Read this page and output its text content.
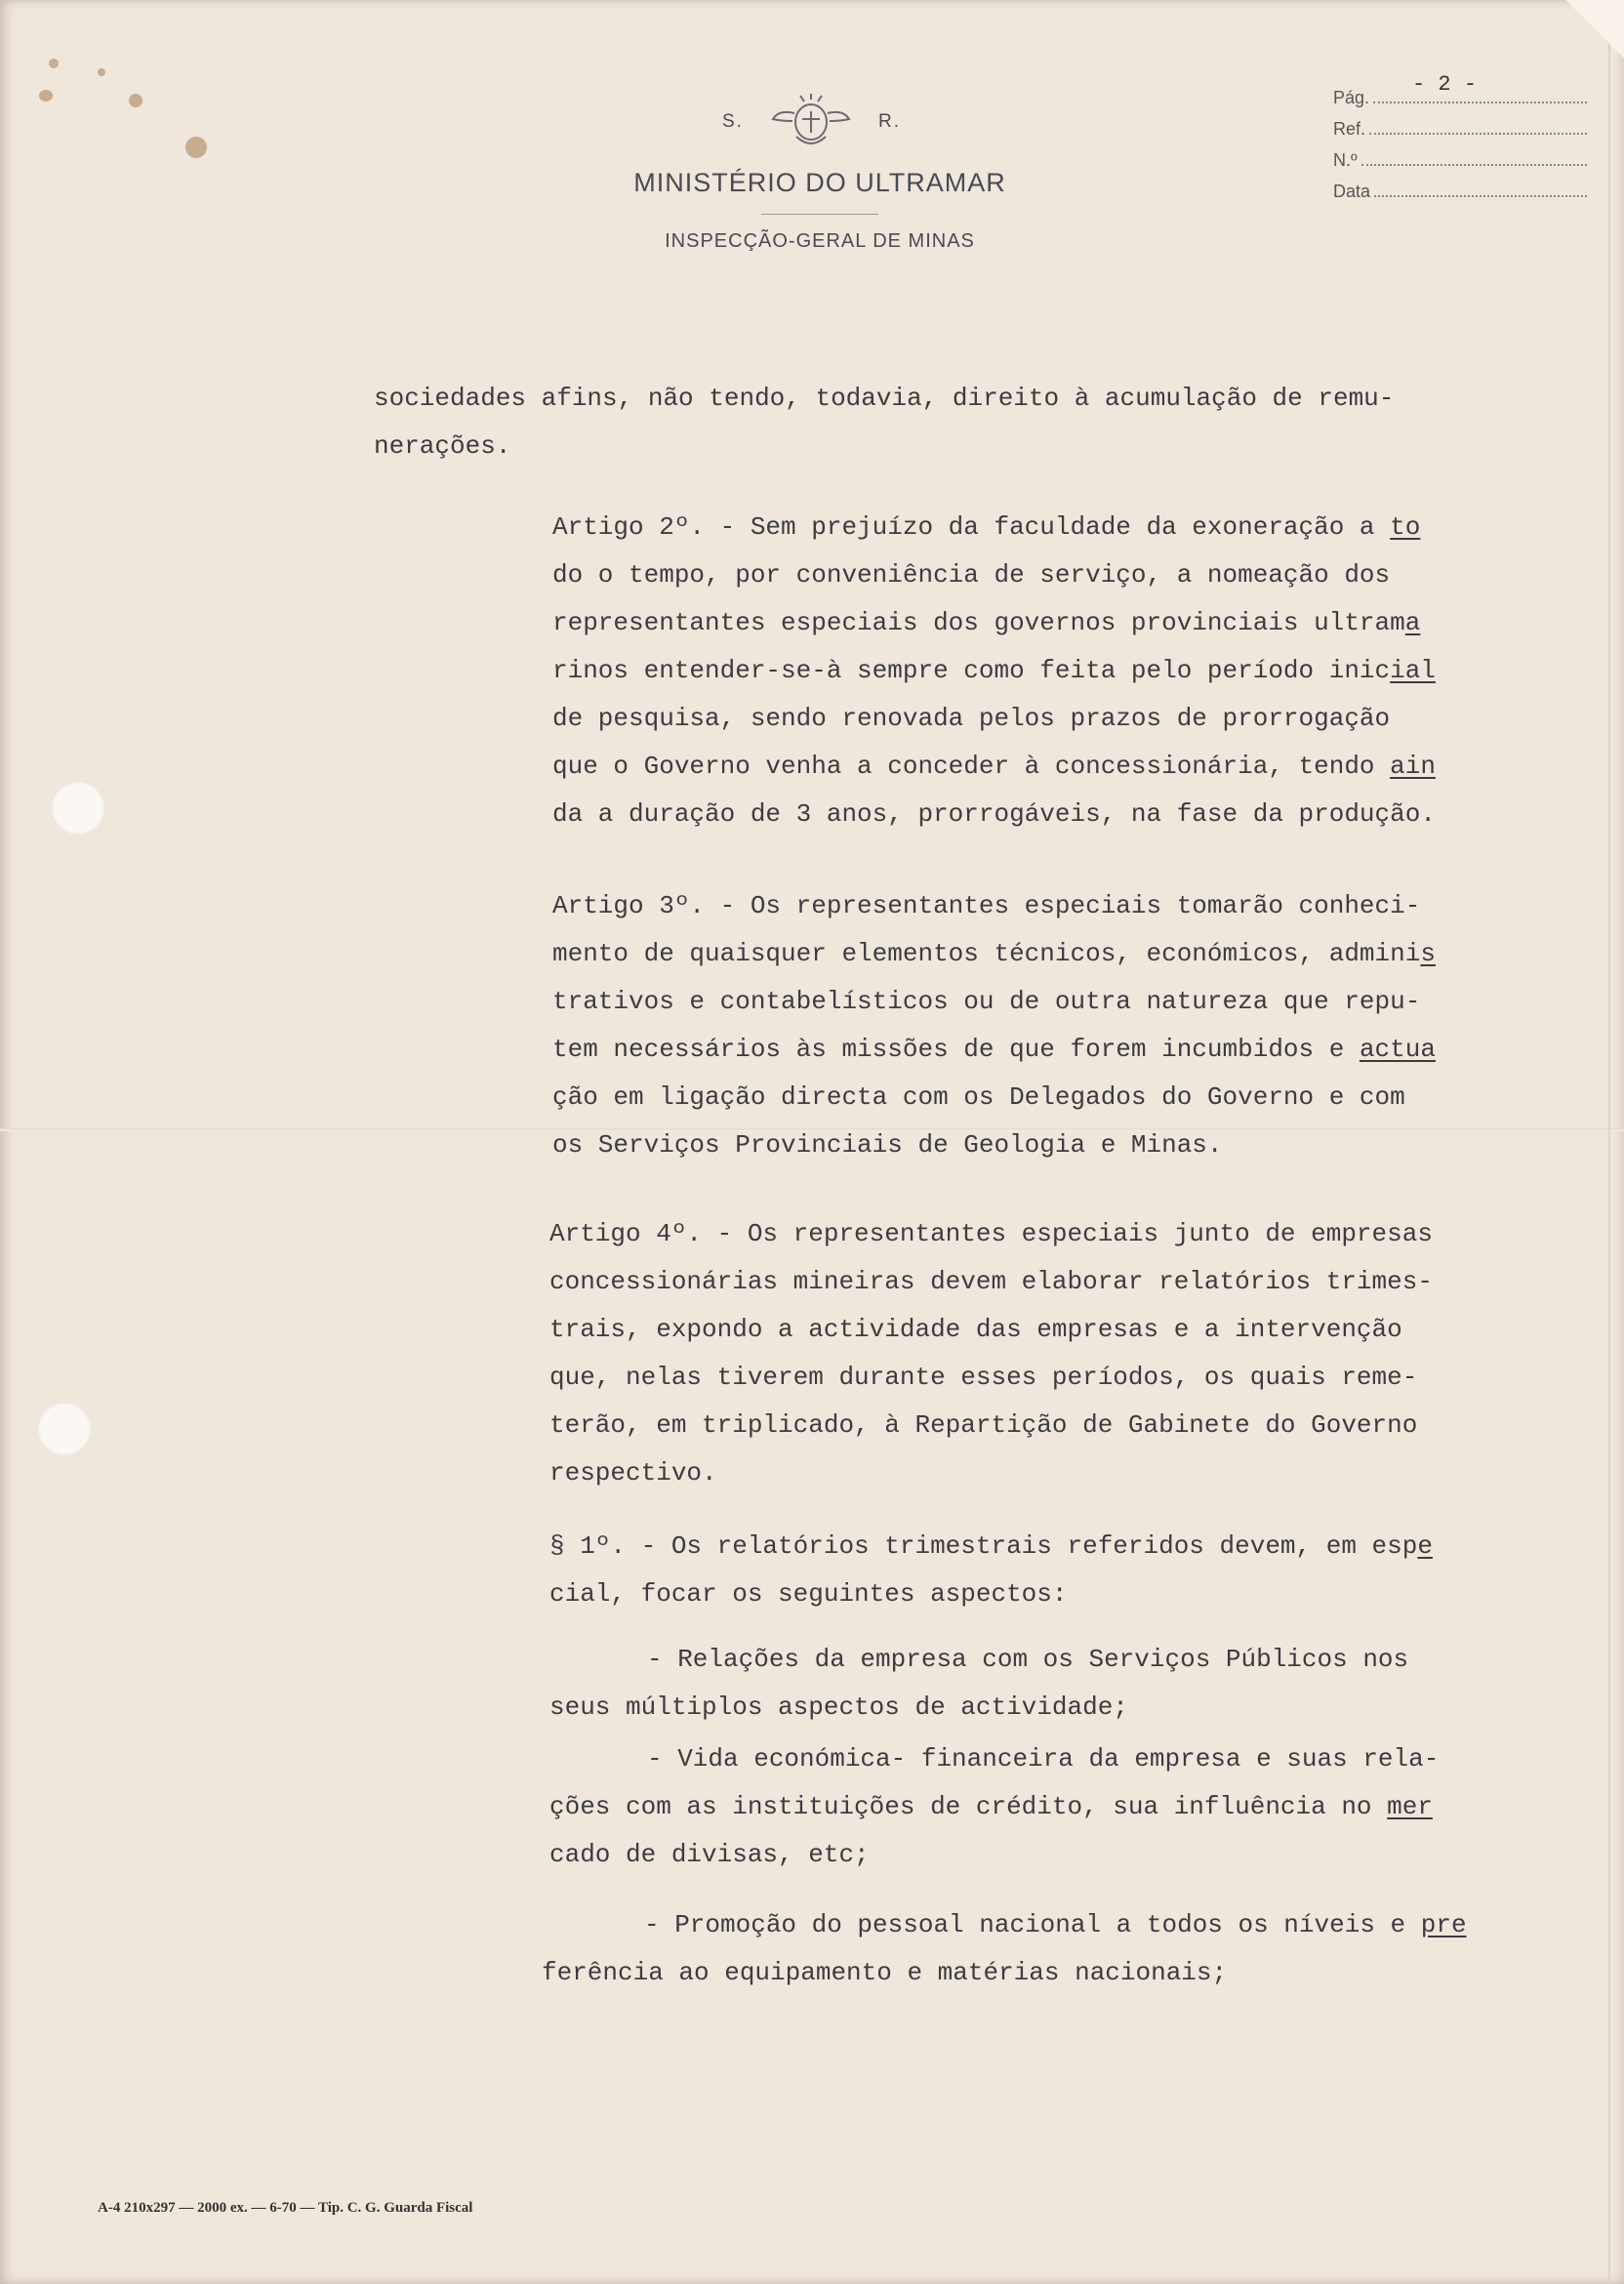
S.	R.
MINISTÉRIO DO ULTRAMAR
INSPECÇÃO-GERAL DE MINAS
Pág.
- 2 -
Ref.
N.º
Data
sociedades afins, não tendo, todavia, direito à acumulação de remu-
nerações.
Artigo 2º. - Sem prejuízo da faculdade da exoneração a to
do o tempo, por conveniência de serviço, a nomeação dos
representantes especiais dos governos provinciais ultrama
rinos entender-se-à sempre como feita pelo período inicial
de pesquisa, sendo renovada pelos prazos de prorrogação
que o Governo venha a conceder à concessionária, tendo ain
da a duração de 3 anos, prorrogáveis, na fase da produção.
Artigo 3º. - Os representantes especiais tomarão conheci-
mento de quaisquer elementos técnicos, económicos, adminis
trativos e contabelísticos ou de outra natureza que repu-
tem necessários às missões de que forem incumbidos e actua
ção em ligação directa com os Delegados do Governo e com
os Serviços Provinciais de Geologia e Minas.
Artigo 4º. - Os representantes especiais junto de empresas
concessionárias mineiras devem elaborar relatórios trimes-
trais, expondo a actividade das empresas e a intervenção
que, nelas tiverem durante esses períodos, os quais reme-
terão, em triplicado, à Repartição de Gabinete do Governo
respectivo.
§ 1º. - Os relatórios trimestrais referidos devem, em espe
cial, focar os seguintes aspectos:
- Relações da empresa com os Serviços Públicos nos
seus múltiplos aspectos de actividade;
- Vida económica- financeira da empresa e suas rela-
ções com as instituições de crédito, sua influência no mer
cado de divisas, etc;
- Promoção do pessoal nacional a todos os níveis e pre
ferência ao equipamento e matérias nacionais;
A-4 210x297 — 2000 ex. — 6-70 — Tip. C. G. Guarda Fiscal
